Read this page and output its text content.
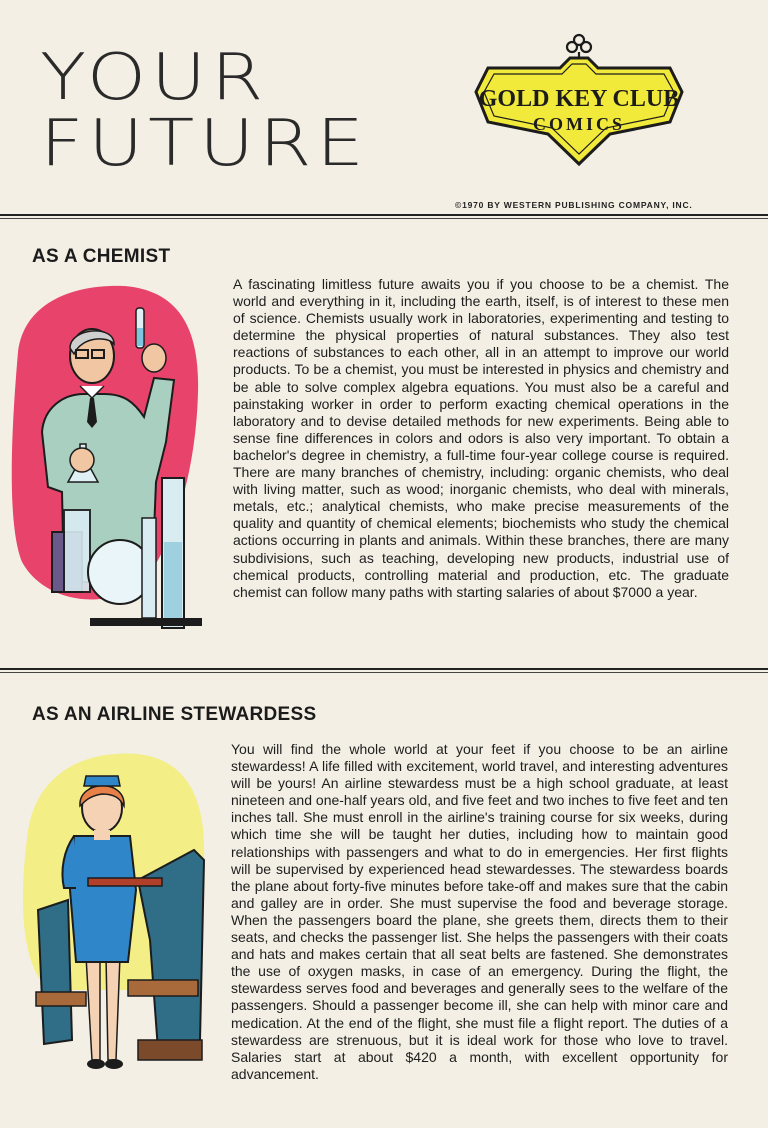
YOUR
FUTURE
GOLD KEY CLUB
COMICS
©1970 BY WESTERN PUBLISHING COMPANY, INC.
AS A CHEMIST
A fascinating limitless future awaits you if you choose to be a chemist. The world and everything in it, including the earth, itself, is of interest to these men of science. Chemists usually work in laboratories, experimenting and testing to determine the physical properties of natural substances. They also test reactions of substances to each other, all in an attempt to improve our world products. To be a chemist, you must be interested in physics and chemistry and be able to solve complex algebra equations. You must also be a careful and painstaking worker in order to perform exacting chemical operations in the laboratory and to devise detailed methods for new experiments. Being able to sense fine differences in colors and odors is also very important. To obtain a bachelor's degree in chemistry, a full-time four-year college course is required. There are many branches of chemistry, including: organic chemists, who deal with living matter, such as wood; inorganic chemists, who deal with minerals, metals, etc.; analytical chemists, who make precise measurements of the quality and quantity of chemical elements; biochemists who study the chemical actions occurring in plants and animals. Within these branches, there are many subdivisions, such as teaching, developing new products, industrial use of chemical products, controlling material and production, etc. The graduate chemist can follow many paths with starting salaries of about $7000 a year.
AS AN AIRLINE STEWARDESS
You will find the whole world at your feet if you choose to be an airline stewardess! A life filled with excitement, world travel, and interesting adventures will be yours! An airline stewardess must be a high school graduate, at least nineteen and one-half years old, and five feet and two inches to five feet and ten inches tall. She must enroll in the airline's training course for six weeks, during which time she will be taught her duties, including how to maintain good relationships with passengers and what to do in emergencies. Her first flights will be supervised by experienced head stewardesses. The stewardess boards the plane about forty-five minutes before take-off and makes sure that the cabin and galley are in order. She must supervise the food and beverage storage. When the passengers board the plane, she greets them, directs them to their seats, and checks the passenger list. She helps the passengers with their coats and hats and makes certain that all seat belts are fastened. She demonstrates the use of oxygen masks, in case of an emergency. During the flight, the stewardess serves food and beverages and generally sees to the welfare of the passengers. Should a passenger become ill, she can help with minor care and medication. At the end of the flight, she must file a flight report. The duties of a stewardess are strenuous, but it is ideal work for those who love to travel. Salaries start at about $420 a month, with excellent opportunity for advancement.
